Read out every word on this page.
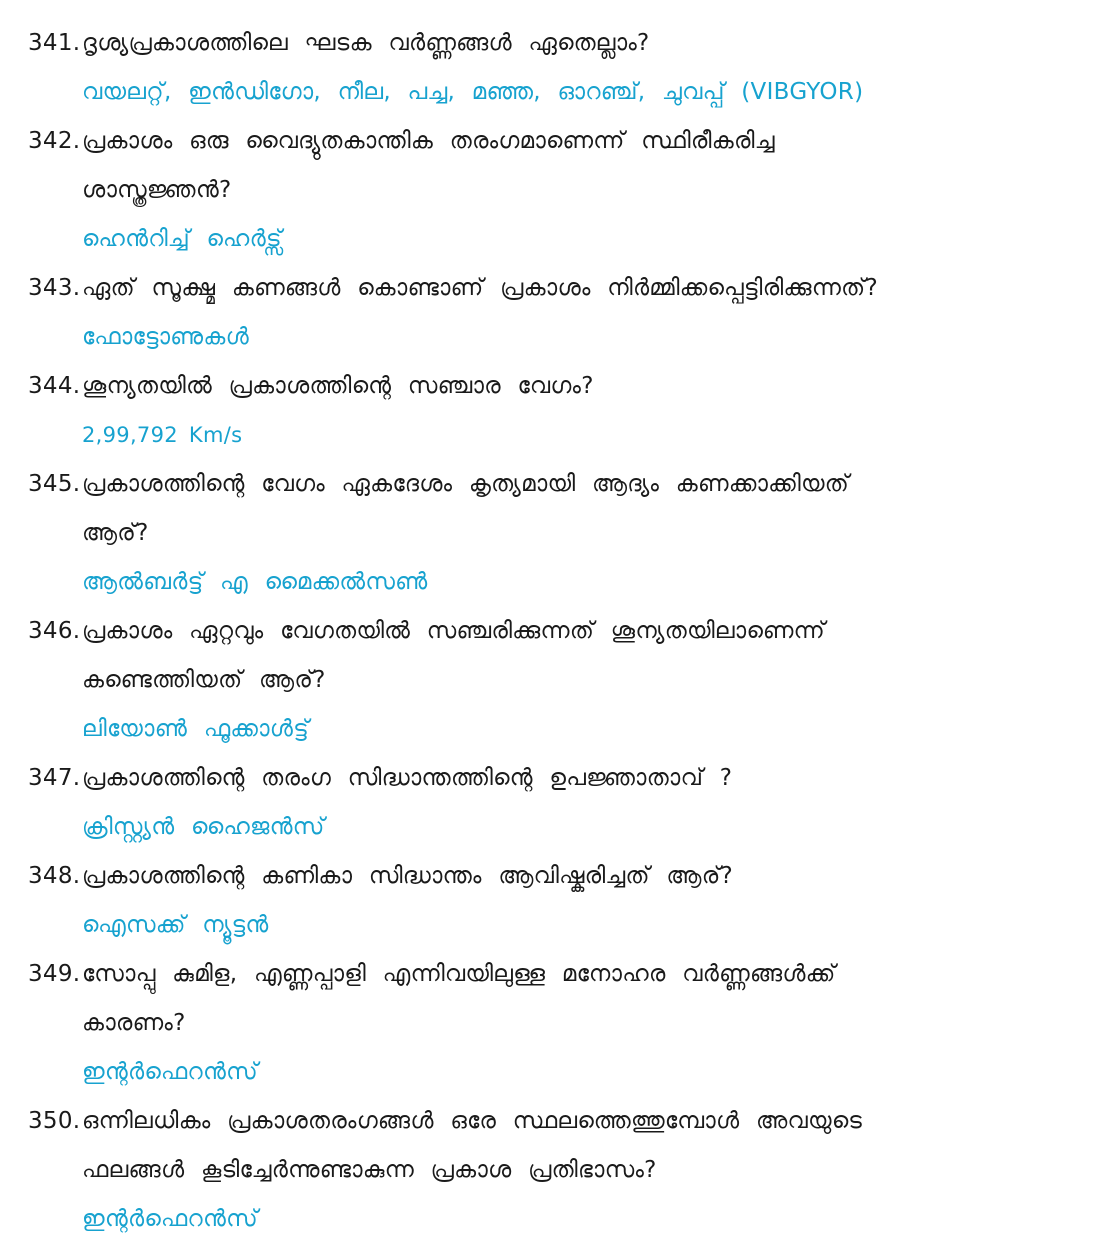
341. ദൃശ്യപ്രകാശത്തിലെ ഘടക വർണ്ണങ്ങൾ ഏതെല്ലാം?
വയലറ്റ്, ഇൻഡിഗോ, നീല, പച്ച, മഞ്ഞ, ഓറഞ്ച്, ചുവപ്പ് (VIBGYOR)
342. പ്രകാശം ഒരു വൈദ്യുതകാന്തിക തരംഗമാണെന്ന് സ്ഥിരീകരിച്ച
ശാസ്ത്രജ്ഞൻ?
ഹെൻറിച്ച് ഹെർട്സ്
343. ഏത് സൂക്ഷ്മ കണങ്ങൾ കൊണ്ടാണ് പ്രകാശം നിർമ്മിക്കപ്പെട്ടിരിക്കുന്നത്?
ഫോട്ടോണുകൾ
344. ശൂന്യതയിൽ പ്രകാശത്തിന്റെ സഞ്ചാര വേഗം?
2,99,792 Km/s
345. പ്രകാശത്തിന്റെ വേഗം ഏകദേശം കൃത്യമായി ആദ്യം കണക്കാക്കിയത്
ആര്?
ആൽബർട്ട് എ മൈക്കൽസൺ
346. പ്രകാശം ഏറ്റവും വേഗതയിൽ സഞ്ചരിക്കുന്നത് ശൂന്യതയിലാണെന്ന്
കണ്ടെത്തിയത് ആര്?
ലിയോൺ ഫൂക്കാൾട്ട്
347. പ്രകാശത്തിന്റെ തരംഗ സിദ്ധാന്തത്തിന്റെ ഉപജ്ഞാതാവ് ?
ക്രിസ്റ്റ്യൻ ഹൈജൻസ്
348. പ്രകാശത്തിന്റെ കണികാ സിദ്ധാന്തം ആവിഷ്കരിച്ചത് ആര്?
ഐസക്ക് ന്യൂട്ടൻ
349. സോപ്പു കുമിള, എണ്ണപ്പാളി എന്നിവയിലുള്ള മനോഹര വർണ്ണങ്ങൾക്ക്
കാരണം?
ഇന്റർഫെറൻസ്
350. ഒന്നിലധികം പ്രകാശതരംഗങ്ങൾ ഒരേ സ്ഥലത്തെത്തുമ്പോൾ അവയുടെ
ഫലങ്ങൾ കൂടിച്ചേർന്നുണ്ടാകുന്ന പ്രകാശ പ്രതിഭാസം?
ഇന്റർഫെറൻസ്
